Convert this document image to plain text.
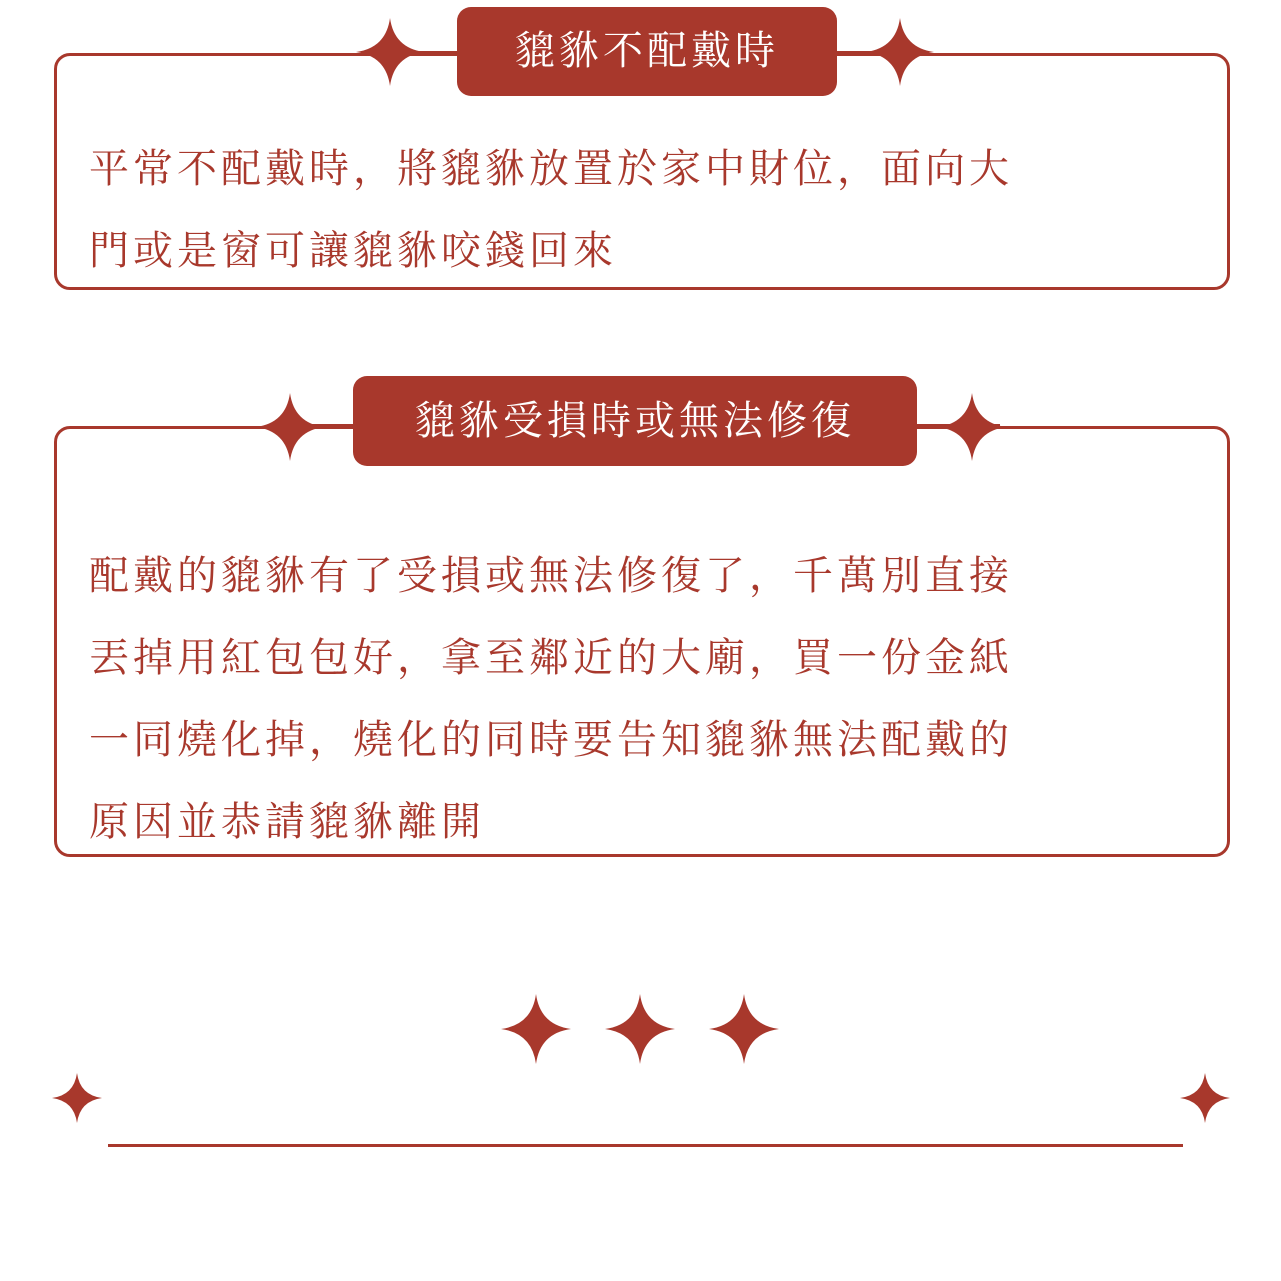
平常不配戴時，將貔貅放置於家中財位，面向大
門或是窗可讓貔貅咬錢回來

貔貅不配戴時

配戴的貔貅有了受損或無法修復了，千萬別直接
丟掉用紅包包好，拿至鄰近的大廟，買一份金紙
一同燒化掉，燒化的同時要告知貔貅無法配戴的
原因並恭請貔貅離開

貔貅受損時或無法修復
